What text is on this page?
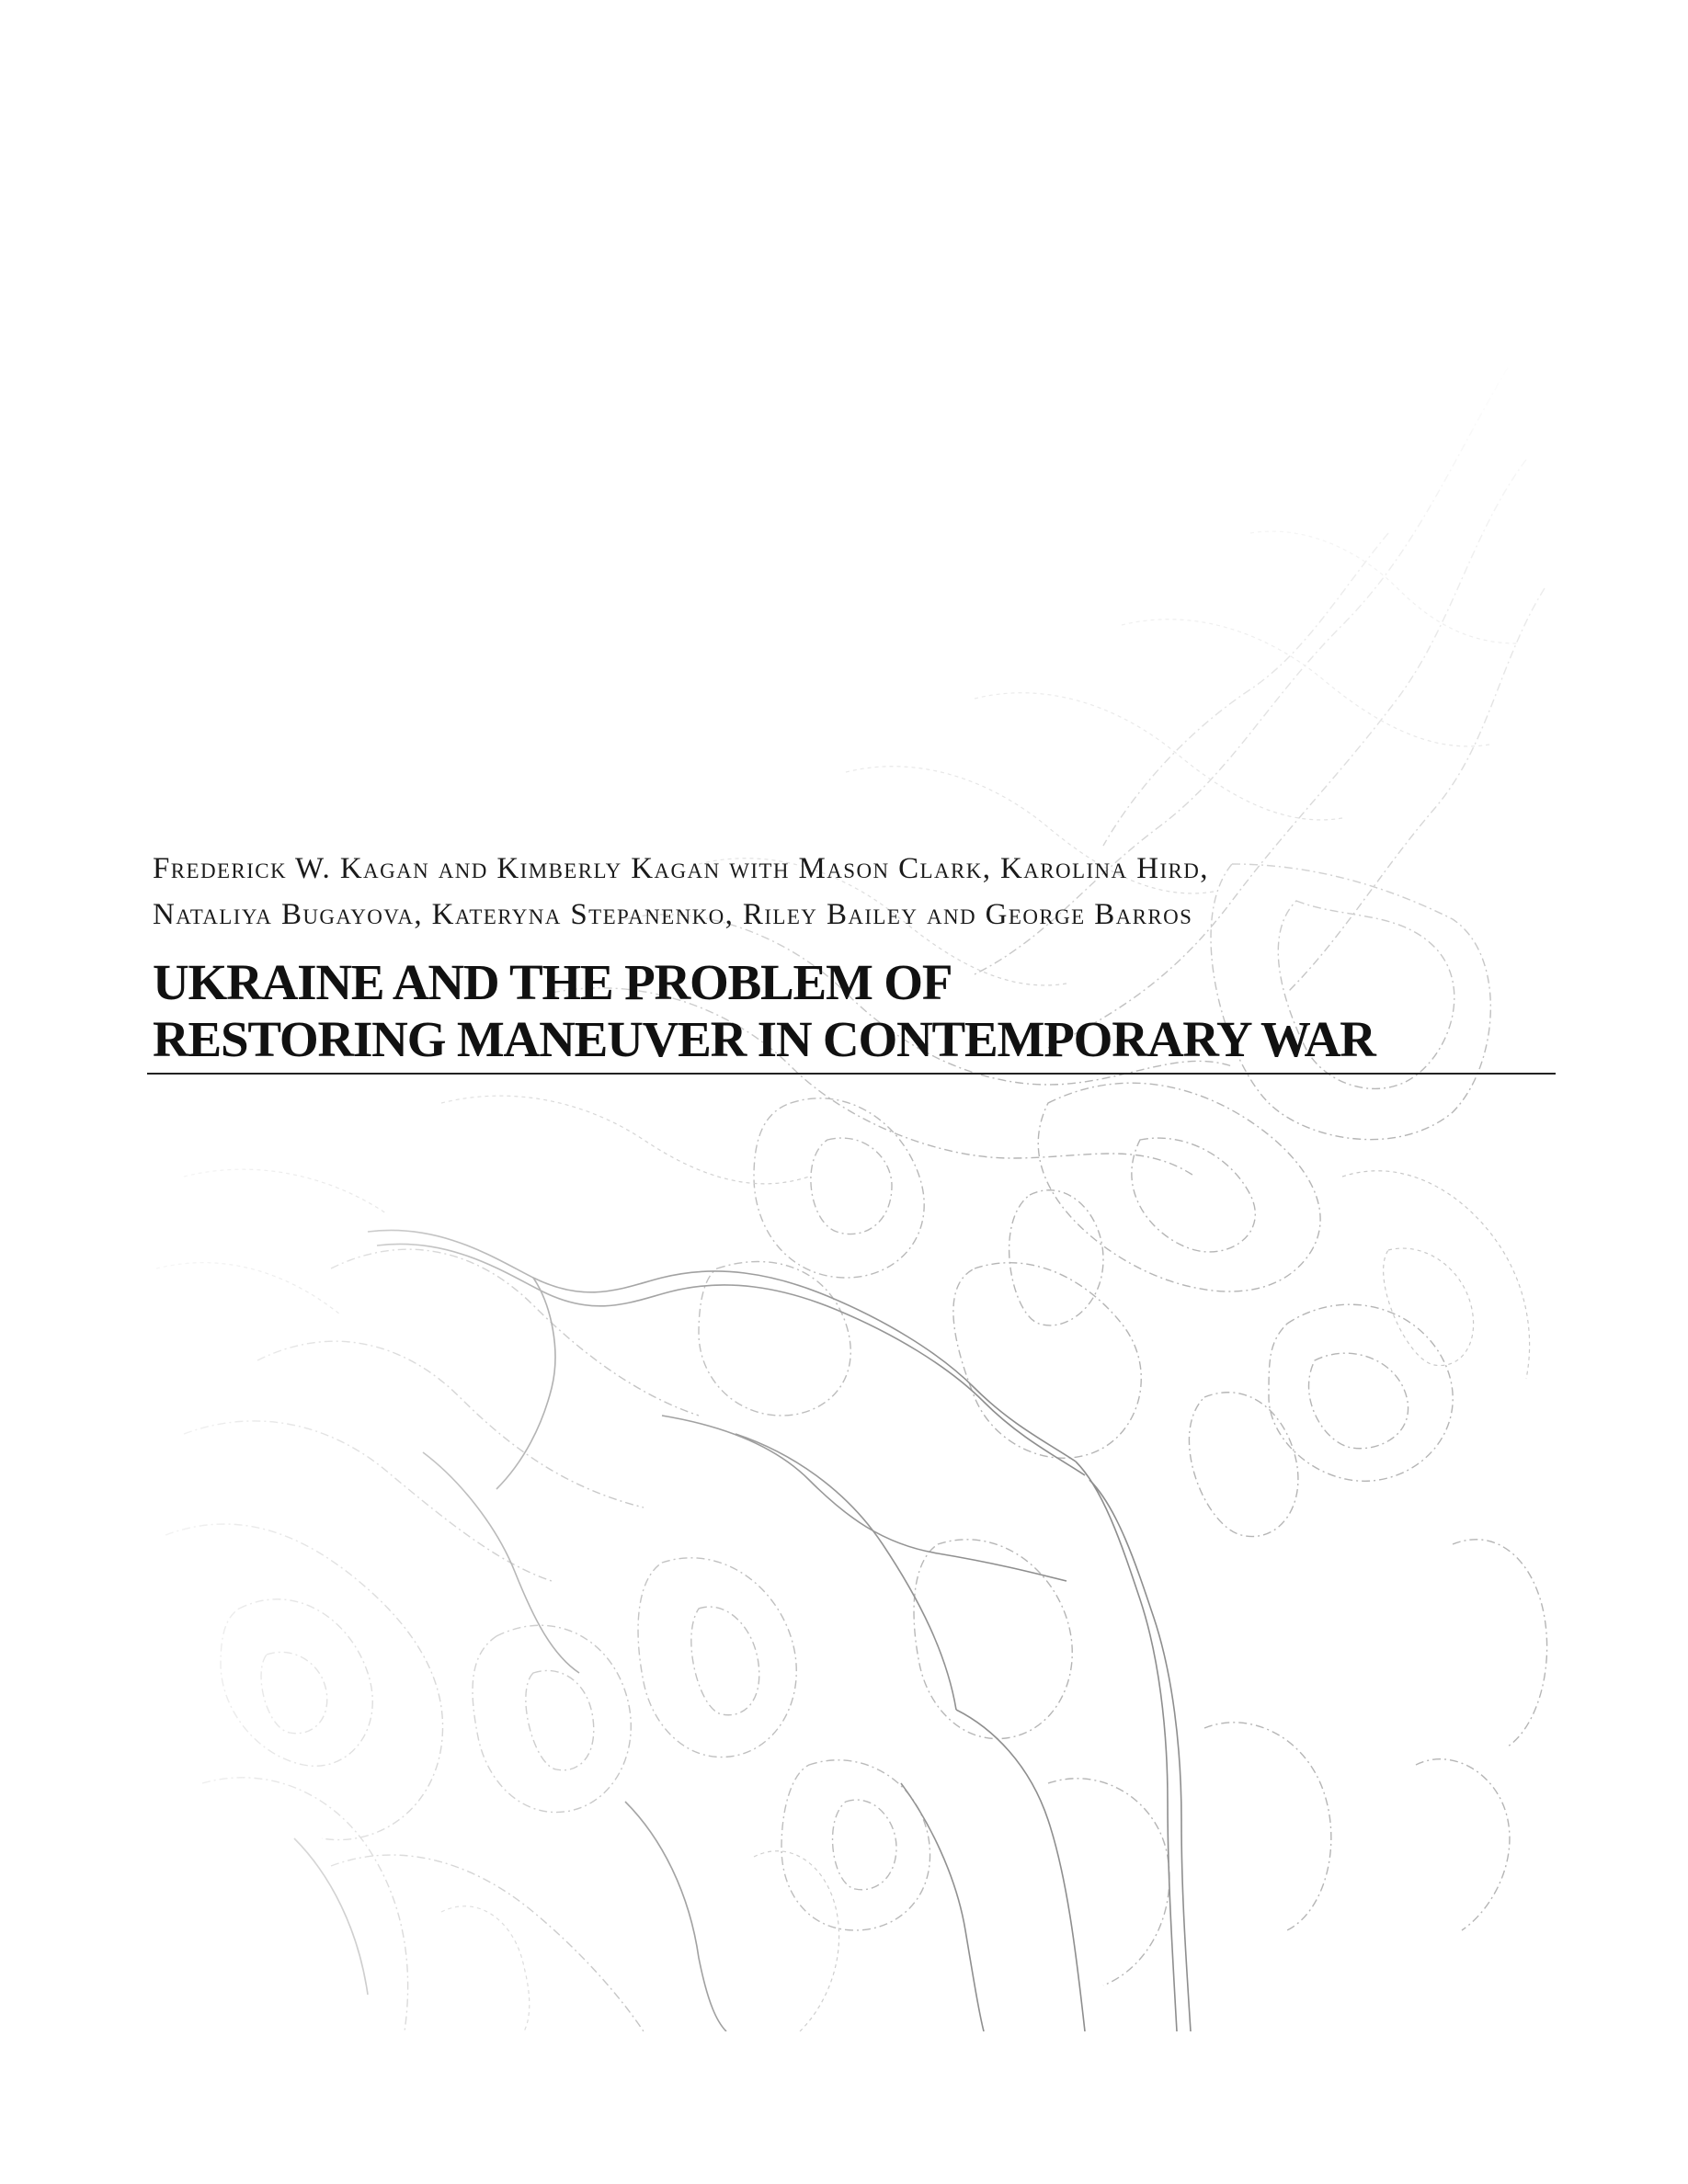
Frederick W. Kagan and Kimberly Kagan with Mason Clark, Karolina Hird,
Nataliya Bugayova, Kateryna Stepanenko, Riley Bailey and George Barros
UKRAINE AND THE PROBLEM OF
RESTORING MANEUVER IN CONTEMPORARY WAR
